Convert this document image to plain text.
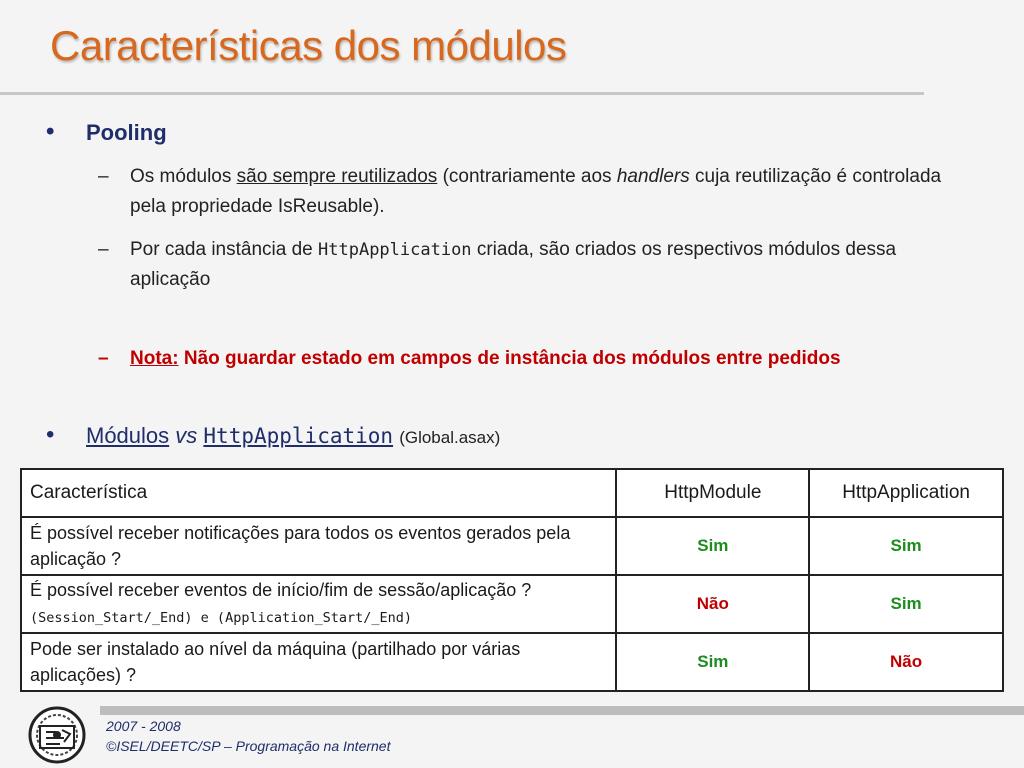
Características dos módulos
• Pooling
– Os módulos são sempre reutilizados (contrariamente aos handlers cuja reutilização é controlada pela propriedade IsReusable).
– Por cada instância de HttpApplication criada, são criados os respectivos módulos dessa aplicação
– Nota: Não guardar estado em campos de instância dos módulos entre pedidos
• Módulos vs HttpApplication (Global.asax)
Característica	HttpModule	HttpApplication
É possível receber notificações para todos os eventos gerados pela aplicação ?	Sim	Sim
É possível receber eventos de início/fim de sessão/aplicação ?
(Session_Start/_End) e (Application_Start/_End)	Não	Sim
Pode ser instalado ao nível da máquina (partilhado por várias aplicações) ?	Sim	Não
2007 - 2008
©ISEL/DEETC/SP – Programação na Internet
